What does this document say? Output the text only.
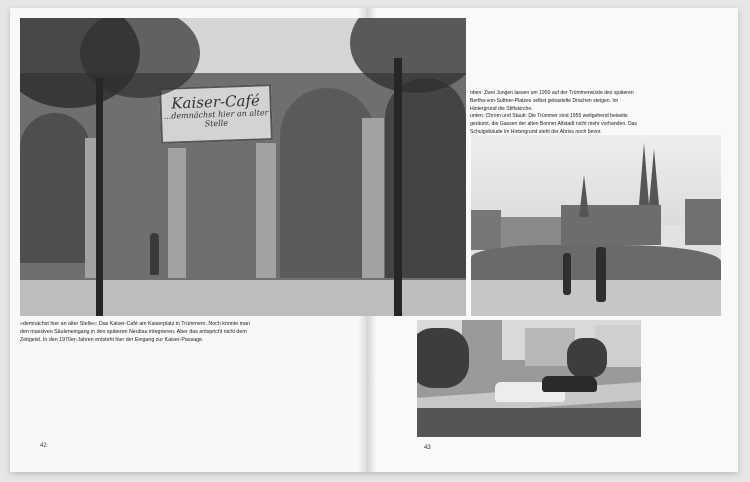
Kaiser-Café
...demnächst hier an alter Stelle
»demnächst hier an alter Stelle«: Das Kaiser-Café am Kaiserplatz in Trümmern. Noch könnte man den massiven Säuleneingang in den späteren Neubau integrieren. Aber das entspricht nicht dem Zeitgeist. In den 1970er-Jahren entsteht hier der Eingang zur Kaiser-Passage.
42
oben: Zwei Jungen lassen um 1950 auf der Trümmerwüste des späteren Bertha-von-Suttner-Platzes selbst gebastelte Drachen steigen. Im Hintergrund die Stiftskirche.
unten: Chrom und Staub: Die Trümmer sind 1955 weitgehend beiseite geräumt, die Gassen der alten Bonner Altstadt nicht mehr vorhanden. Das Schulgebäude im Hintergrund steht der Abriss noch bevor.
43
